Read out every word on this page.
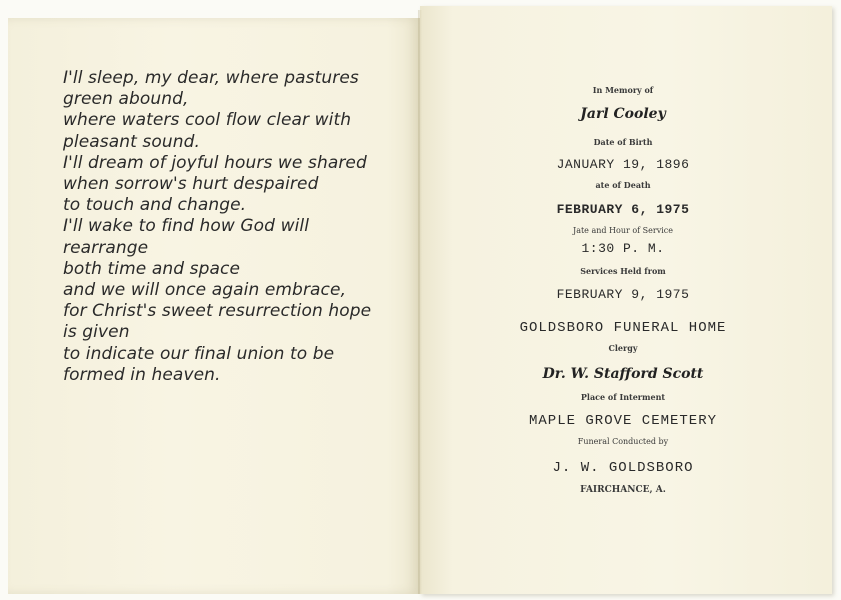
I'll sleep, my dear, where pastures
green abound,
where waters cool flow clear with
pleasant sound.
I'll dream of joyful hours we shared
when sorrow's hurt despaired
to touch and change.
I'll wake to find how God will
rearrange
both time and space
and we will once again embrace,
for Christ's sweet resurrection hope
is given
to indicate our final union to be
formed in heaven.
In Memory of
Jarl Cooley
Date of Birth
JANUARY 19, 1896
ate of Death
FEBRUARY 6, 1975
Jate and Hour of Service
1:30 P. M.
Services Held from
FEBRUARY 9, 1975
GOLDSBORO FUNERAL HOME
Clergy
Dr. W. Stafford Scott
Place of Interment
MAPLE GROVE CEMETERY
Funeral Conducted by
J. W. GOLDSBORO
FAIRCHANCE, A.
